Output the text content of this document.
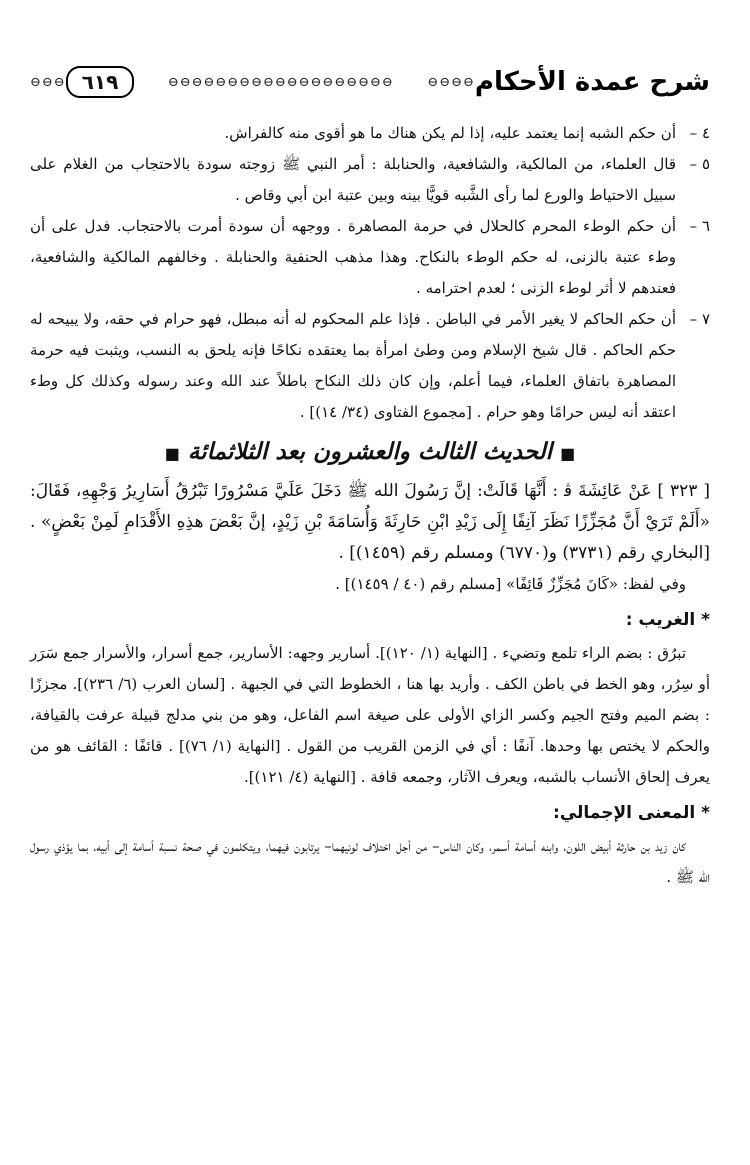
شرح عمدة الأحكام
⊖⊖⊖⊖
⊖⊖⊖⊖⊖⊖⊖⊖⊖⊖⊖⊖⊖⊖⊖⊖⊖⊖⊖
٦١٩
⊖⊖⊖
٤ –
أن حكم الشبه إنما يعتمد عليه، إذا لم يكن هناك ما هو أقوى منه كالفراش.
٥ –
قال العلماء، من المالكية، والشافعية، والحنابلة : أمر النبي ﷺ زوجته سودة بالاحتجاب من الغلام على سبيل الاحتياط والورع لما رأى الشَّبه قويًّا بينه وبين عتبة ابن أبي وقاص .
٦ –
أن حكم الوطء المحرم كالحلال في حرمة المصاهرة . ووجهه أن سودة أمرت بالاحتجاب. فدل على أن وطء عتبة بالزنى، له حكم الوطء بالنكاح. وهذا مذهب الحنفية والحنابلة . وخالفهم المالكية والشافعية، فعندهم لا أثر لوطء الزنى ؛ لعدم احترامه .
٧ –
أن حكم الحاكم لا يغير الأمر في الباطن . فإذا علم المحكوم له أنه مبطل، فهو حرام في حقه، ولا يبيحه له حكم الحاكم . قال شيخ الإسلام ومن وطئ امرأة بما يعتقده نكاحًا فإنه يلحق به النسب، ويثبت فيه حرمة المصاهرة باتفاق العلماء، فيما أعلم، وإن كان ذلك النكاح باطلاً عند الله وعند رسوله وكذلك كل وطء اعتقد أنه ليس حرامًا وهو حرام . [مجموع الفتاوى (٣٤/ ١٤)] .
■ الحديث الثالث والعشرون بعد الثلاثمائة ■

[ ٣٢٣ ] عَنْ عَائِشَةَ ﭬ : أَنَّهَا قَالَتْ: إنَّ رَسُولَ الله ﷺ دَخَلَ عَلَيَّ مَسْرُورًا تَبْرُقُ أَسَارِيرُ وَجْهِهِ، فَقَالَ: «أَلَمْ تَرَيْ أَنَّ مُجَزِّزًا نَظَرَ آنِفًا إِلَى زَيْدِ ابْنِ حَارِثَةَ وَأُسَامَةَ بْنِ زَيْدٍ، إنَّ بَعْضَ هذِهِ الأَقْدَامِ لَمِنْ بَعْضٍ» . [البخاري رقم (٣٧٣١) و(٦٧٧٠) ومسلم رقم (١٤٥٩)] .

وفي لفظ: «كَانَ مُجَزِّزٌ قَائِفًا» [مسلم رقم (٤٠ / ١٤٥٩)] .

* الغريب :

تبرُق : بضم الراء تلمع وتضيء . [النهاية (١/ ١٢٠)]. أسارير وجهه: الأسارير، جمع أسرار، والأسرار جمع سَرَر أو سِرُر، وهو الخط في باطن الكف . وأريد بها هنا ، الخطوط التي في الجبهة . [لسان العرب (٦/ ٢٣٦)]. مجززًا : بضم الميم وفتح الجيم وكسر الزاي الأولى على صيغة اسم الفاعل، وهو من بني مدلج قبيلة عرفت بالقيافة، والحكم لا يختص بها وحدها. آنفًا : أي في الزمن القريب من القول . [النهاية (١/ ٧٦)] . قائفًا : القائف هو من يعرف إلحاق الأنساب بالشبه، ويعرف الآثار، وجمعه قافة . [النهاية (٤/ ١٢١)].

* المعنى الإجمالي:

كان زيد بن حارثة أبيض اللون، وابنه أسامة أسمر، وكان الناس– من أجل اختلاف لونيهما– يرتابون فيهما، ويتكلمون في صحة نسبة أسامة إلى أبيه، بما يؤذي رسول الله ﷺ .
